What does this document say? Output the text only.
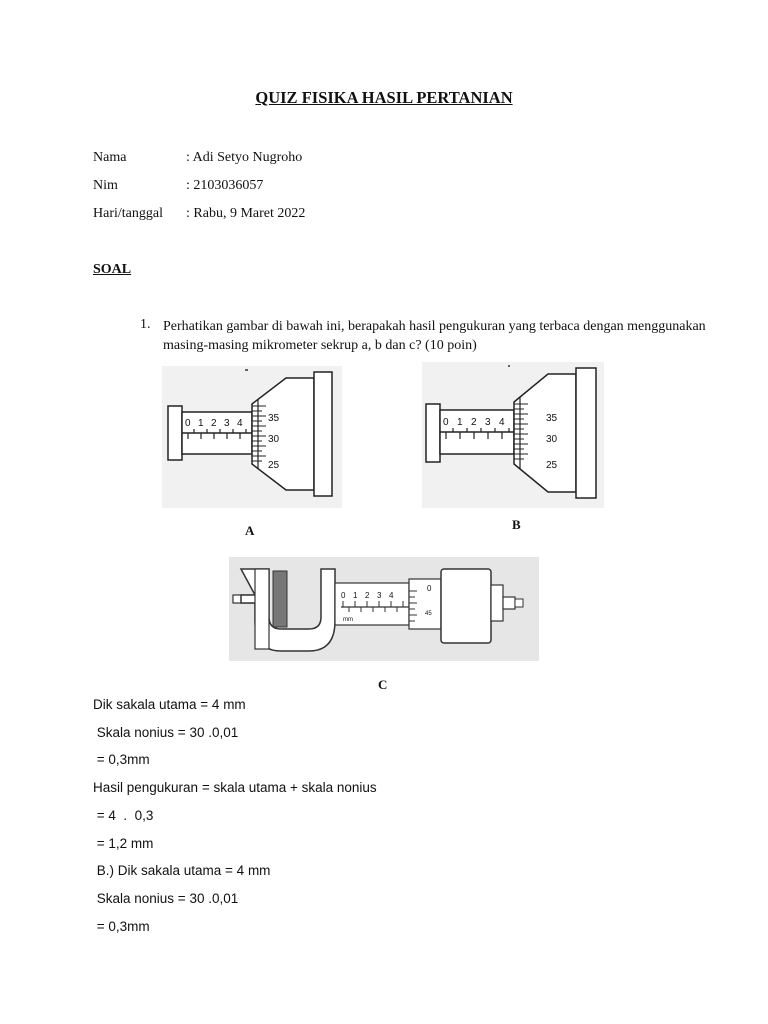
QUIZ FISIKA HASIL PERTANIAN
Nama	: Adi Setyo Nugroho
Nim	: 2103036057
Hari/tanggal : Rabu, 9 Maret 2022
SOAL
1. Perhatikan gambar di bawah ini, berapakah hasil pengukuran yang terbaca dengan menggunakan masing-masing mikrometer sekrup a, b dan c? (10 poin)
0 1 2 3 4	35
30
25
0 1 2 3 4	35
30
25
A	B
0 1 2 3 4
mm
0
45
C
Dik sakala utama = 4 mm
Skala nonius = 30 .0,01
= 0,3mm
Hasil pengukuran = skala utama + skala nonius
= 4  .  0,3
= 1,2 mm
B.) Dik sakala utama = 4 mm
Skala nonius = 30 .0,01
= 0,3mm
